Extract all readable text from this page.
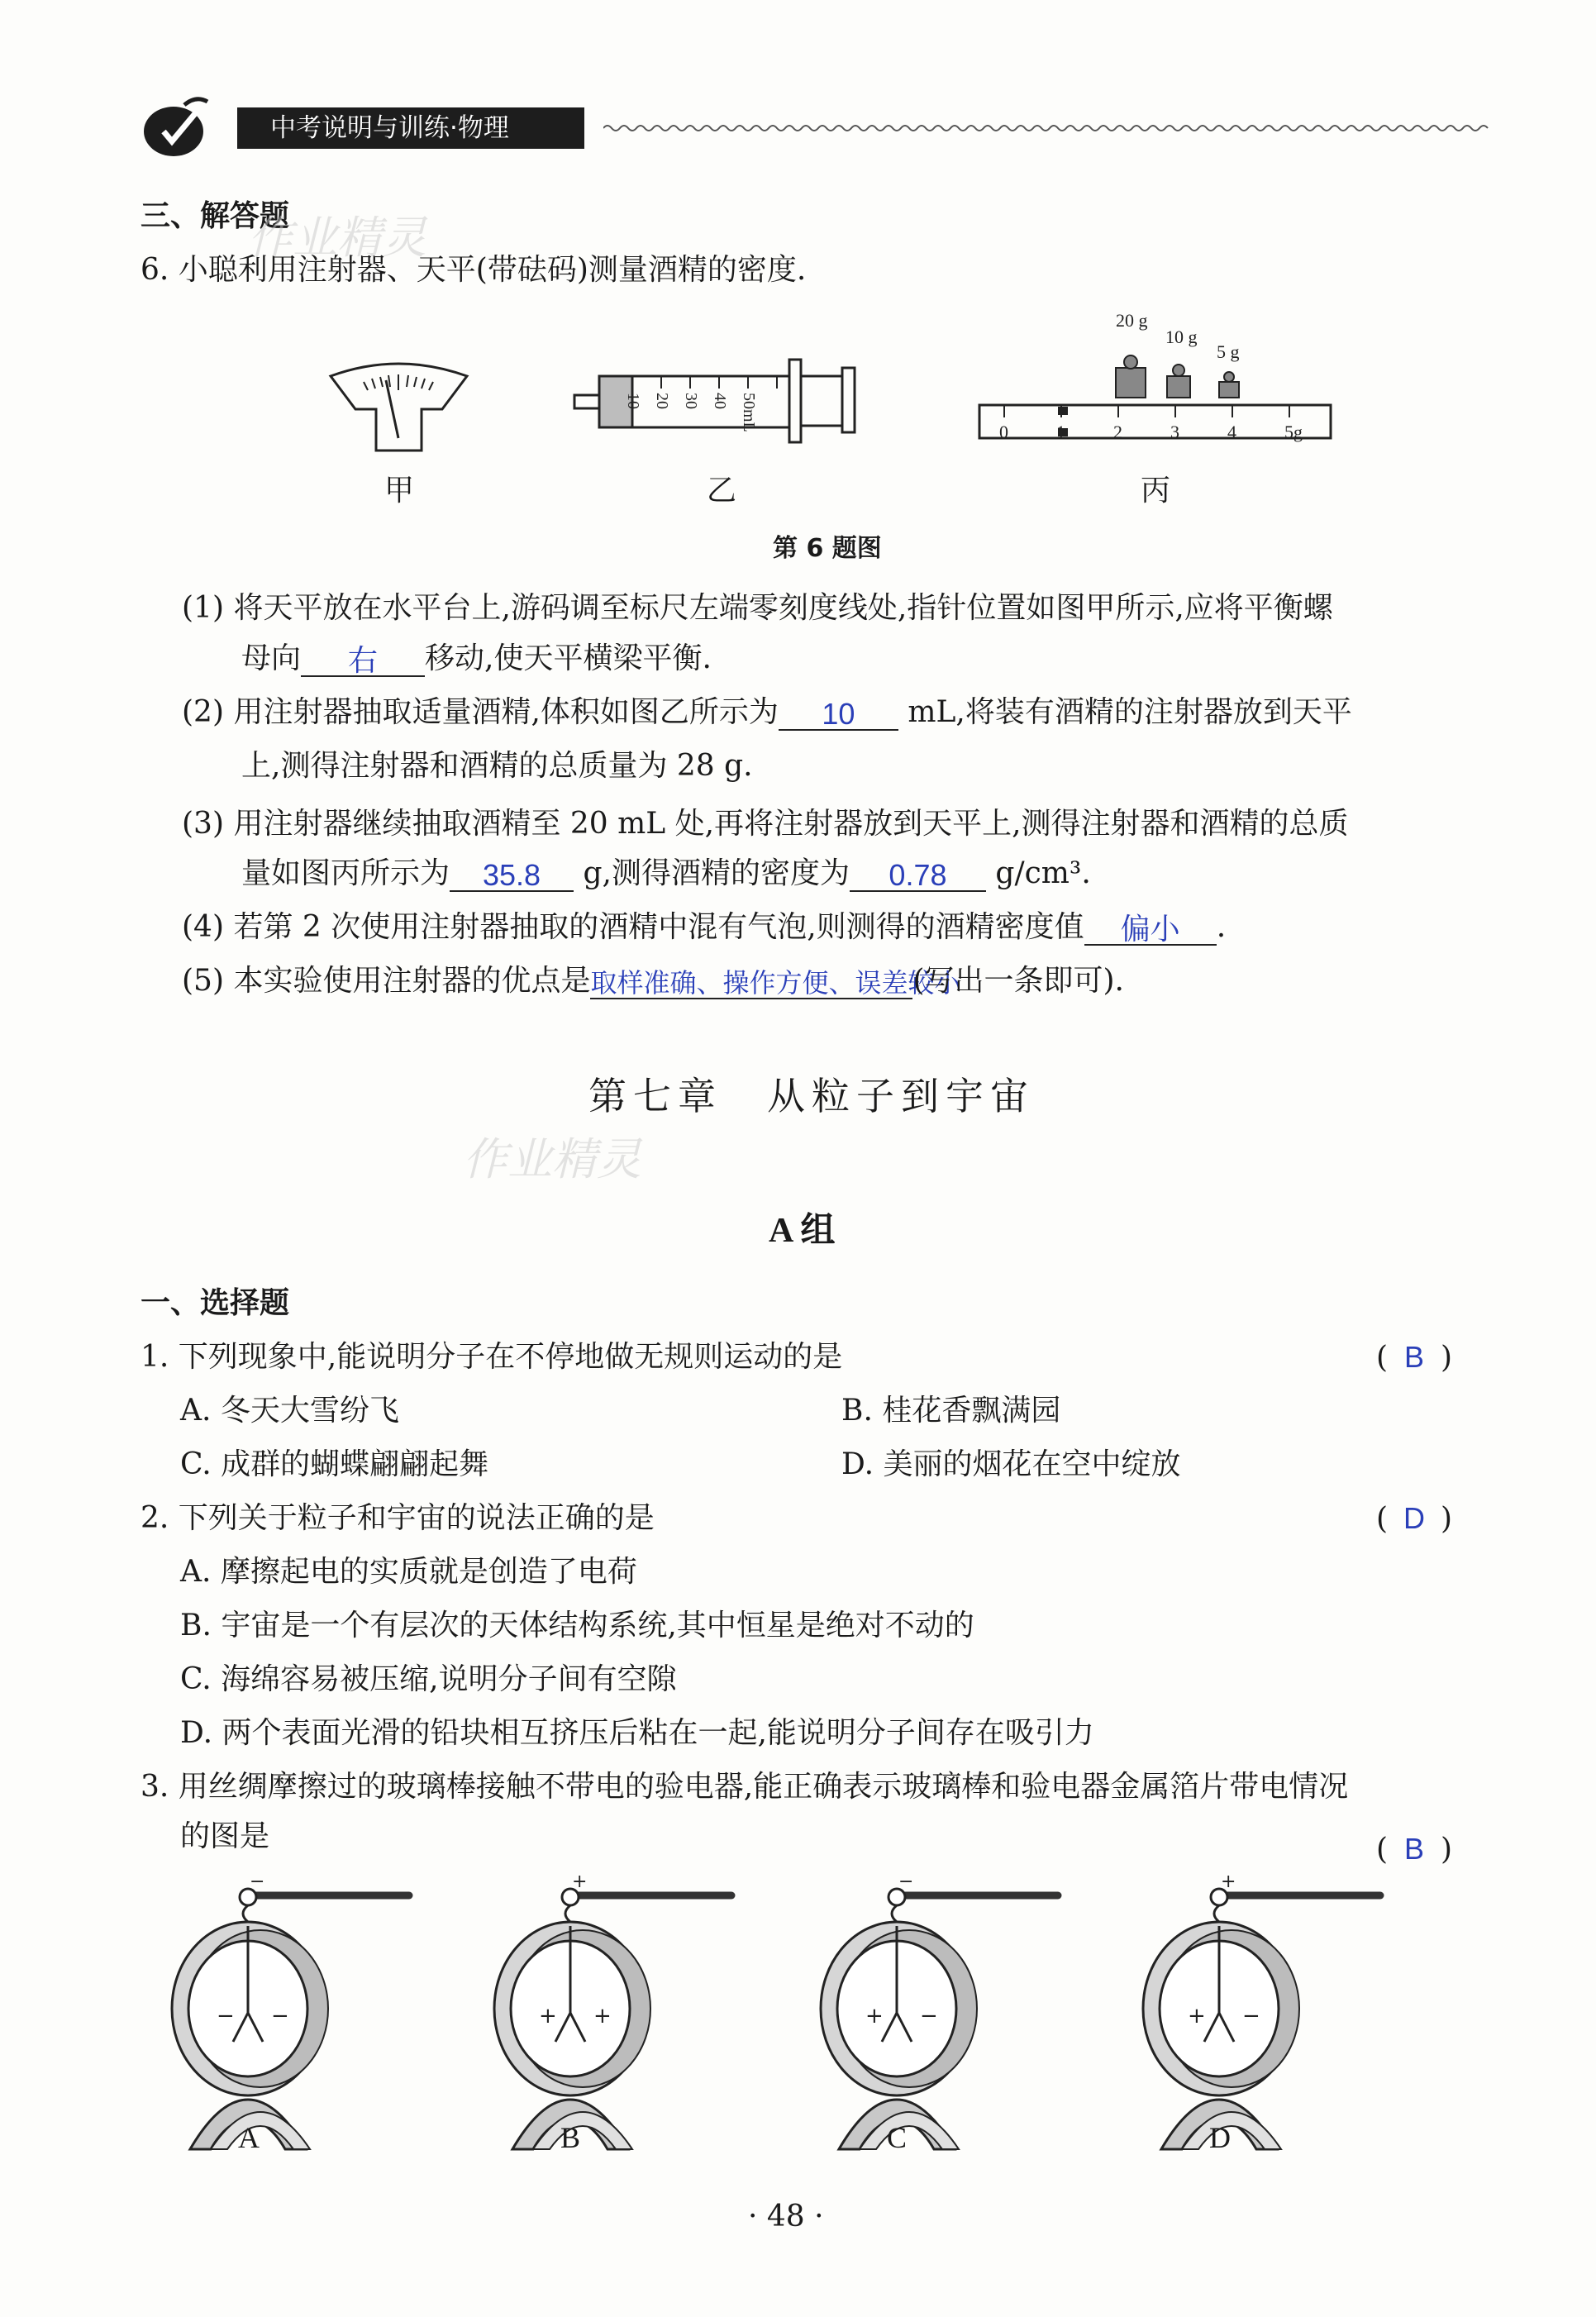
中考说明与训练·物理
三、解答题
作业精灵
6. 小聪利用注射器、天平(带砝码)测量酒精的密度.
10 20 30 40 50mL
20 g
10 g
5 g
0	1	2	3	4	5g
甲	乙	丙
第 6 题图
(1) 将天平放在水平台上,游码调至标尺左端零刻度线处,指针位置如图甲所示,应将平衡螺
母向 右 移动,使天平横梁平衡.
(2) 用注射器抽取适量酒精,体积如图乙所示为 10 mL,将装有酒精的注射器放到天平
上,测得注射器和酒精的总质量为 28 g.
(3) 用注射器继续抽取酒精至 20 mL 处,再将注射器放到天平上,测得注射器和酒精的总质
量如图丙所示为 35.8 g,测得酒精的密度为 0.78 g/cm³.
(4) 若第 2 次使用注射器抽取的酒精中混有气泡,则测得的酒精密度值 偏小 .
(5) 本实验使用注射器的优点是取样准确、操作方便、误差较小(写出一条即可).
第七章　从粒子到宇宙
作业精灵
A 组
一、选择题
1. 下列现象中,能说明分子在不停地做无规则运动的是	( B )
A. 冬天大雪纷飞	B. 桂花香飘满园
C. 成群的蝴蝶翩翩起舞	D. 美丽的烟花在空中绽放
2. 下列关于粒子和宇宙的说法正确的是	( D )
A. 摩擦起电的实质就是创造了电荷
B. 宇宙是一个有层次的天体结构系统,其中恒星是绝对不动的
C. 海绵容易被压缩,说明分子间有空隙
D. 两个表面光滑的铅块相互挤压后粘在一起,能说明分子间存在吸引力
3. 用丝绸摩擦过的玻璃棒接触不带电的验电器,能正确表示玻璃棒和验电器金属箔片带电情况
的图是	( B )
−
− −
A
+
+ +
B
−
+ −
C
+
+ −
D
· 48 ·
